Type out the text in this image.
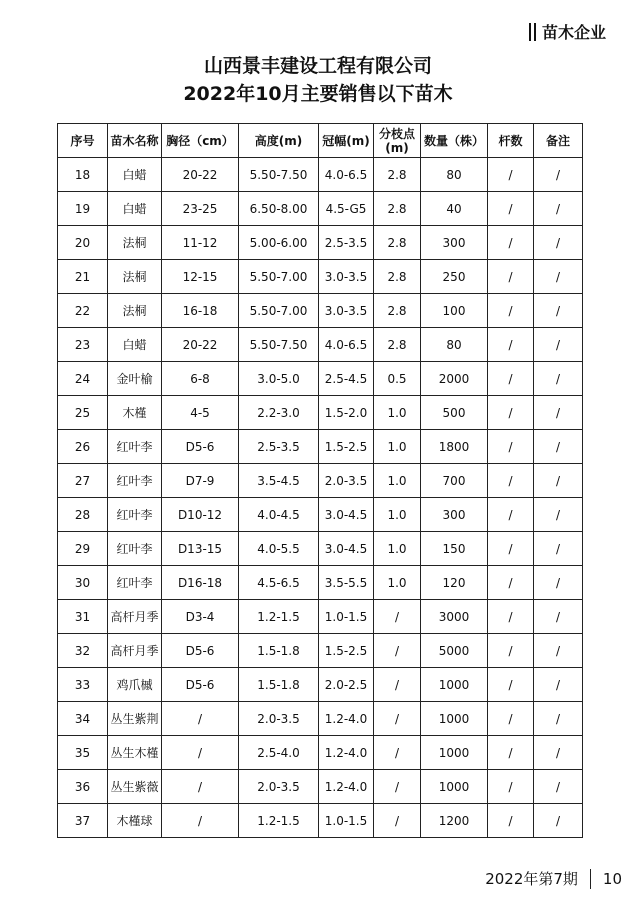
苗木企业
山西景丰建设工程有限公司
2022年10月主要销售以下苗木
序号	苗木名称	胸径（cm）	高度(m)	冠幅(m)	分枝点
(m)	数量（株）	杆数	备注
18	白蜡	20-22	5.50-7.50	4.0-6.5	2.8	80	/	/
19	白蜡	23-25	6.50-8.00	4.5-G5	2.8	40	/	/
20	法桐	11-12	5.00-6.00	2.5-3.5	2.8	300	/	/
21	法桐	12-15	5.50-7.00	3.0-3.5	2.8	250	/	/
22	法桐	16-18	5.50-7.00	3.0-3.5	2.8	100	/	/
23	白蜡	20-22	5.50-7.50	4.0-6.5	2.8	80	/	/
24	金叶榆	6-8	3.0-5.0	2.5-4.5	0.5	2000	/	/
25	木槿	4-5	2.2-3.0	1.5-2.0	1.0	500	/	/
26	红叶李	D5-6	2.5-3.5	1.5-2.5	1.0	1800	/	/
27	红叶李	D7-9	3.5-4.5	2.0-3.5	1.0	700	/	/
28	红叶李	D10-12	4.0-4.5	3.0-4.5	1.0	300	/	/
29	红叶李	D13-15	4.0-5.5	3.0-4.5	1.0	150	/	/
30	红叶李	D16-18	4.5-6.5	3.5-5.5	1.0	120	/	/
31	高杆月季	D3-4	1.2-1.5	1.0-1.5	/	3000	/	/
32	高杆月季	D5-6	1.5-1.8	1.5-2.5	/	5000	/	/
33	鸡爪槭	D5-6	1.5-1.8	2.0-2.5	/	1000	/	/
34	丛生紫荆	/	2.0-3.5	1.2-4.0	/	1000	/	/
35	丛生木槿	/	2.5-4.0	1.2-4.0	/	1000	/	/
36	丛生紫薇	/	2.0-3.5	1.2-4.0	/	1000	/	/
37	木槿球	/	1.2-1.5	1.0-1.5	/	1200	/	/
2022年第7期 10
